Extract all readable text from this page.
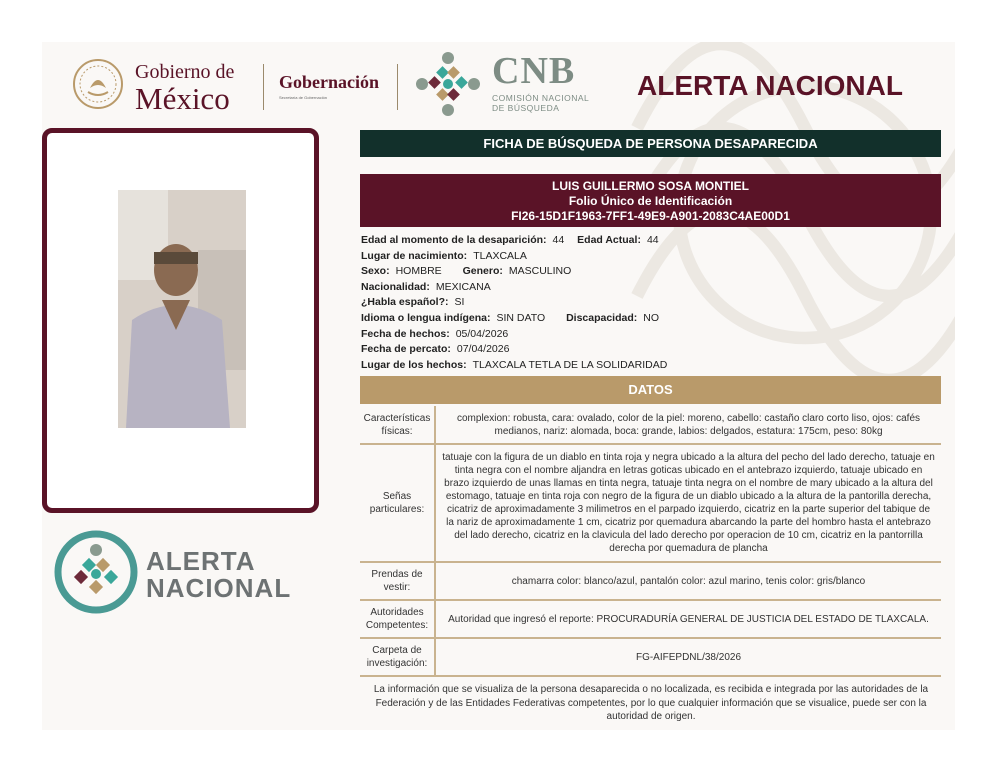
Gobierno de
México	Gobernación
Secretaría de Gobernación
CNB
COMISIÓN NACIONAL
DE BÚSQUEDA
ALERTA NACIONAL
ALERTA
NACIONAL
FICHA DE BÚSQUEDA DE PERSONA DESAPARECIDA
LUIS GUILLERMO SOSA MONTIEL
Folio Único de Identificación
FI26-15D1F1963-7FF1-49E9-A901-2083C4AE00D1
Edad al momento de la desaparición: 44 Edad Actual: 44
Lugar de nacimiento: TLAXCALA
Sexo: HOMBRE Genero: MASCULINO
Nacionalidad: MEXICANA
¿Habla español?: SI
Idioma o lengua indígena: SIN DATO Discapacidad: NO
Fecha de hechos: 05/04/2026
Fecha de percato: 07/04/2026
Lugar de los hechos: TLAXCALA TETLA DE LA SOLIDARIDAD
DATOS
Características físicas:	complexion: robusta, cara: ovalado, color de la piel: moreno, cabello: castaño claro corto liso, ojos: cafés medianos, nariz: alomada, boca: grande, labios: delgados, estatura: 175cm, peso: 80kg
Señas particulares:	tatuaje con la figura de un diablo en tinta roja y negra ubicado a la altura del pecho del lado derecho, tatuaje en tinta negra con el nombre aljandra en letras goticas ubicado en el antebrazo izquierdo, tatuaje ubicado en brazo izquierdo de unas llamas en tinta negra, tatuaje tinta negra on el nombre de mary ubicado a la altura del estomago, tatuaje en tinta roja con negro de la figura de un diablo ubicado a la altura de la pantorilla derecha, cicatriz de aproximadamente 3 milimetros en el parpado izquierdo, cicatriz en la parte superior del tabique de la nariz de aproximadamente 1 cm, cicatriz por quemadura abarcando la parte del hombro hasta el antebrazo del lado derecho, cicatriz en la clavicula del lado derecho por operacion de 10 cm, cicatriz en la pantorrilla derecha por quemadura de plancha
Prendas de vestir:	chamarra color: blanco/azul, pantalón color: azul marino, tenis color: gris/blanco
Autoridades Competentes:	Autoridad que ingresó el reporte: PROCURADURÍA GENERAL DE JUSTICIA DEL ESTADO DE TLAXCALA.
Carpeta de investigación:	FG-AIFEPDNL/38/2026
La información que se visualiza de la persona desaparecida o no localizada, es recibida e integrada por las autoridades de la Federación y de las Entidades Federativas competentes, por lo que cualquier información que se visualice, puede ser con la autoridad de origen.
